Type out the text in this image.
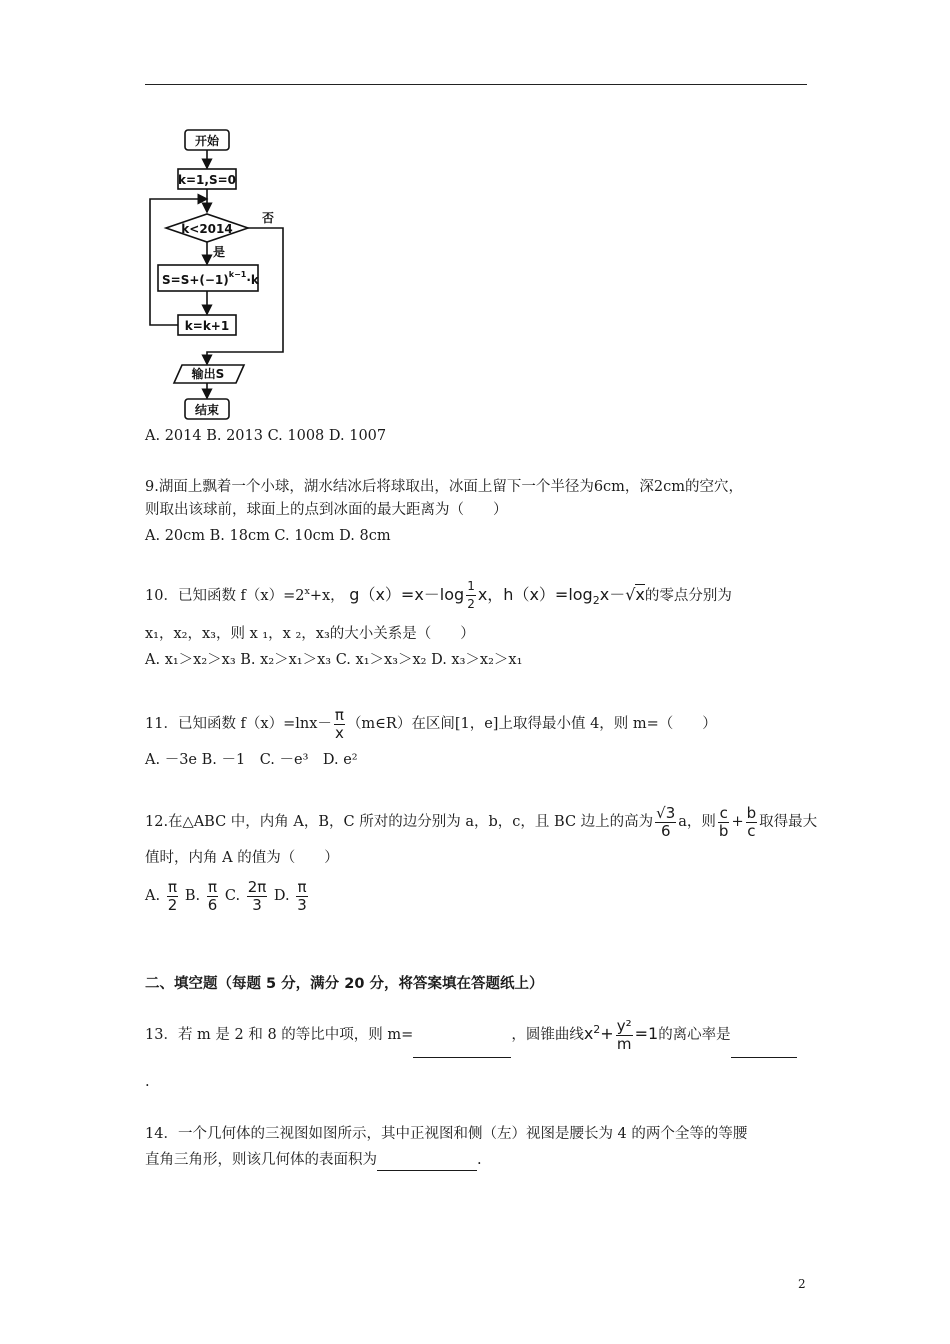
开始
k=1,S=0
k<2014
否
是
$S=S+(-1)^{k-1}\cdot k$
k=k+1
输出S
结束
A. 2014 B. 2013 C. 1008 D. 1007
9.湖面上飘着一个小球，湖水结冰后将球取出，冰面上留下一个半径为6cm，深2cm的空穴，
则取出该球前，球面上的点到冰面的最大距离为（　　）
A. 20cm B. 18cm C. 10cm D. 8cm
10．已知函数 $f(x)=2^x+x$， $g(x)=x-\log \frac{1}{2}$ x，$h(x)=\log_2x-√x$的零点分别为
x₁，x₂，x₃，则 x ₁，x ₂，x₃的大小关系是（　　）
A. x₁＞x₂＞x₃ B. x₂＞x₁＞x₃ C. x₁＞x₃＞x₂ D. x₃＞x₂＞x₁
11．已知函数 $f(x)=\ln x- \frac{\pi}{x}$ （m∈R）在区间[1，e]上取得最小值 4，则 m=（　　）
A. －3e B. －1　C. －e³　D. e²
12.在△ABC 中，内角 A，B，C 所对的边分别为 a，b，c，且 BC 边上的高为 $\frac{√3}{6}$ a，则 $\frac{c}{b} + \frac{b}{c}$ 取得最大
值时，内角 A 的值为（　　）
A. $\frac{\pi}{2} B$. $\frac{\pi}{6} C$. $\frac{2\pi}{3} D$. $\frac{\pi}{3}$
二、填空题（每题 5 分，满分 20 分，将答案填在答题纸上）
13．若 m 是 2 和 8 的等比中项，则 m=	，圆锥曲线$x^2+ \frac{\text{y²}}{m} =1$的离心率是
.
14．一个几何体的三视图如图所示，其中正视图和侧（左）视图是腰长为 4 的两个全等的等腰
直角三角形，则该几何体的表面积为	.
2
